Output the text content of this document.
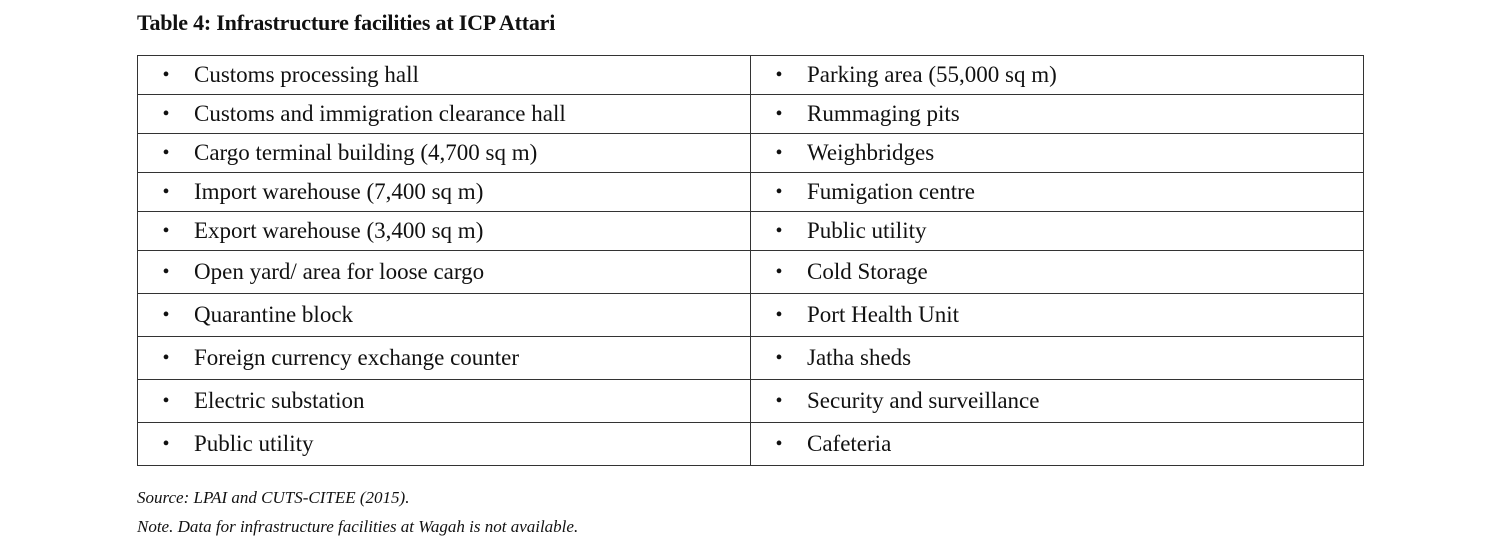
Table 4: Infrastructure facilities at ICP Attari
• Customs processing hall	• Parking area (55,000 sq m)

• Customs and immigration clearance hall	• Rummaging pits

• Cargo terminal building (4,700 sq m)	• Weighbridges

• Import warehouse (7,400 sq m)	• Fumigation centre

• Export warehouse (3,400 sq m)	• Public utility

• Open yard/ area for loose cargo	• Cold Storage

• Quarantine block	• Port Health Unit

• Foreign currency exchange counter	• Jatha sheds

• Electric substation	• Security and surveillance

• Public utility	• Cafeteria
Source: LPAI and CUTS-CITEE (2015).
Note. Data for infrastructure facilities at Wagah is not available.
